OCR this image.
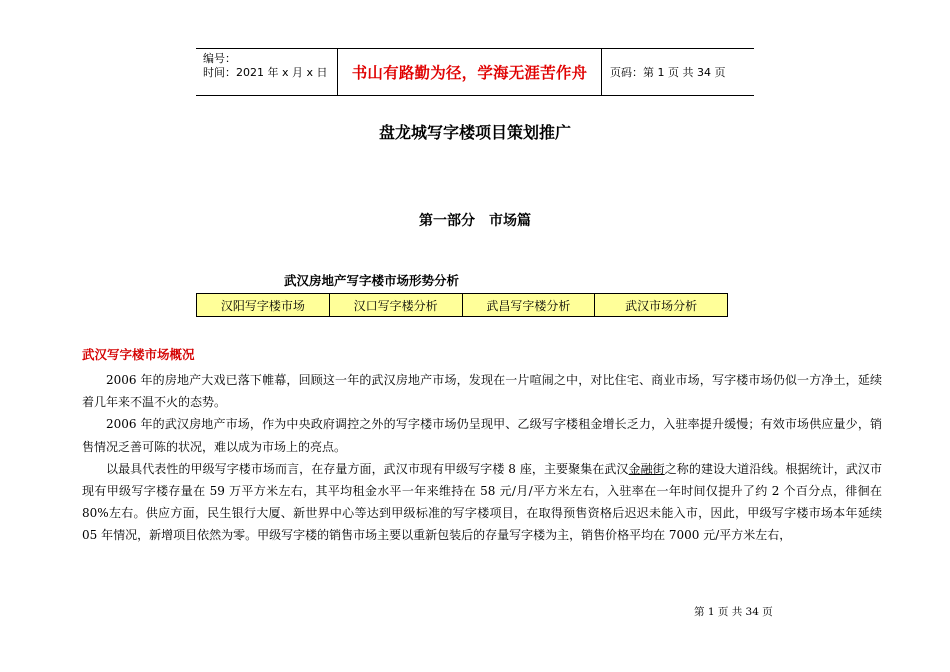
编号：
时间：2021 年 x 月 x 日	书山有路勤为径，学海无涯苦作舟	页码：第 1 页 共 34 页
盘龙城写字楼项目策划推广
第一部分 市场篇
武汉房地产写字楼市场形势分析
汉阳写字楼市场	汉口写字楼分析	武昌写字楼分析	武汉市场分析
武汉写字楼市场概况

2006 年的房地产大戏已落下帷幕，回顾这一年的武汉房地产市场，发现在一片喧闹之中，对比住宅、商业市场，写字楼市场仍似一方净土，延续着几年来不温不火的态势。

2006 年的武汉房地产市场，作为中央政府调控之外的写字楼市场仍呈现甲、乙级写字楼租金增长乏力，入驻率提升缓慢；有效市场供应量少，销售情况乏善可陈的状况，难以成为市场上的亮点。

以最具代表性的甲级写字楼市场而言，在存量方面，武汉市现有甲级写字楼 8 座，主要聚集在武汉金融街之称的建设大道沿线。根据统计，武汉市现有甲级写字楼存量在 59 万平方米左右，其平均租金水平一年来维持在 58 元/月/平方米左右，入驻率在一年时间仅提升了约 2 个百分点，徘徊在 80%左右。供应方面，民生银行大厦、新世界中心等达到甲级标准的写字楼项目，在取得预售资格后迟迟未能入市，因此，甲级写字楼市场本年延续 05 年情况，新增项目依然为零。甲级写字楼的销售市场主要以重新包装后的存量写字楼为主，销售价格平均在 7000 元/平方米左右，

第 1 页 共 34 页
